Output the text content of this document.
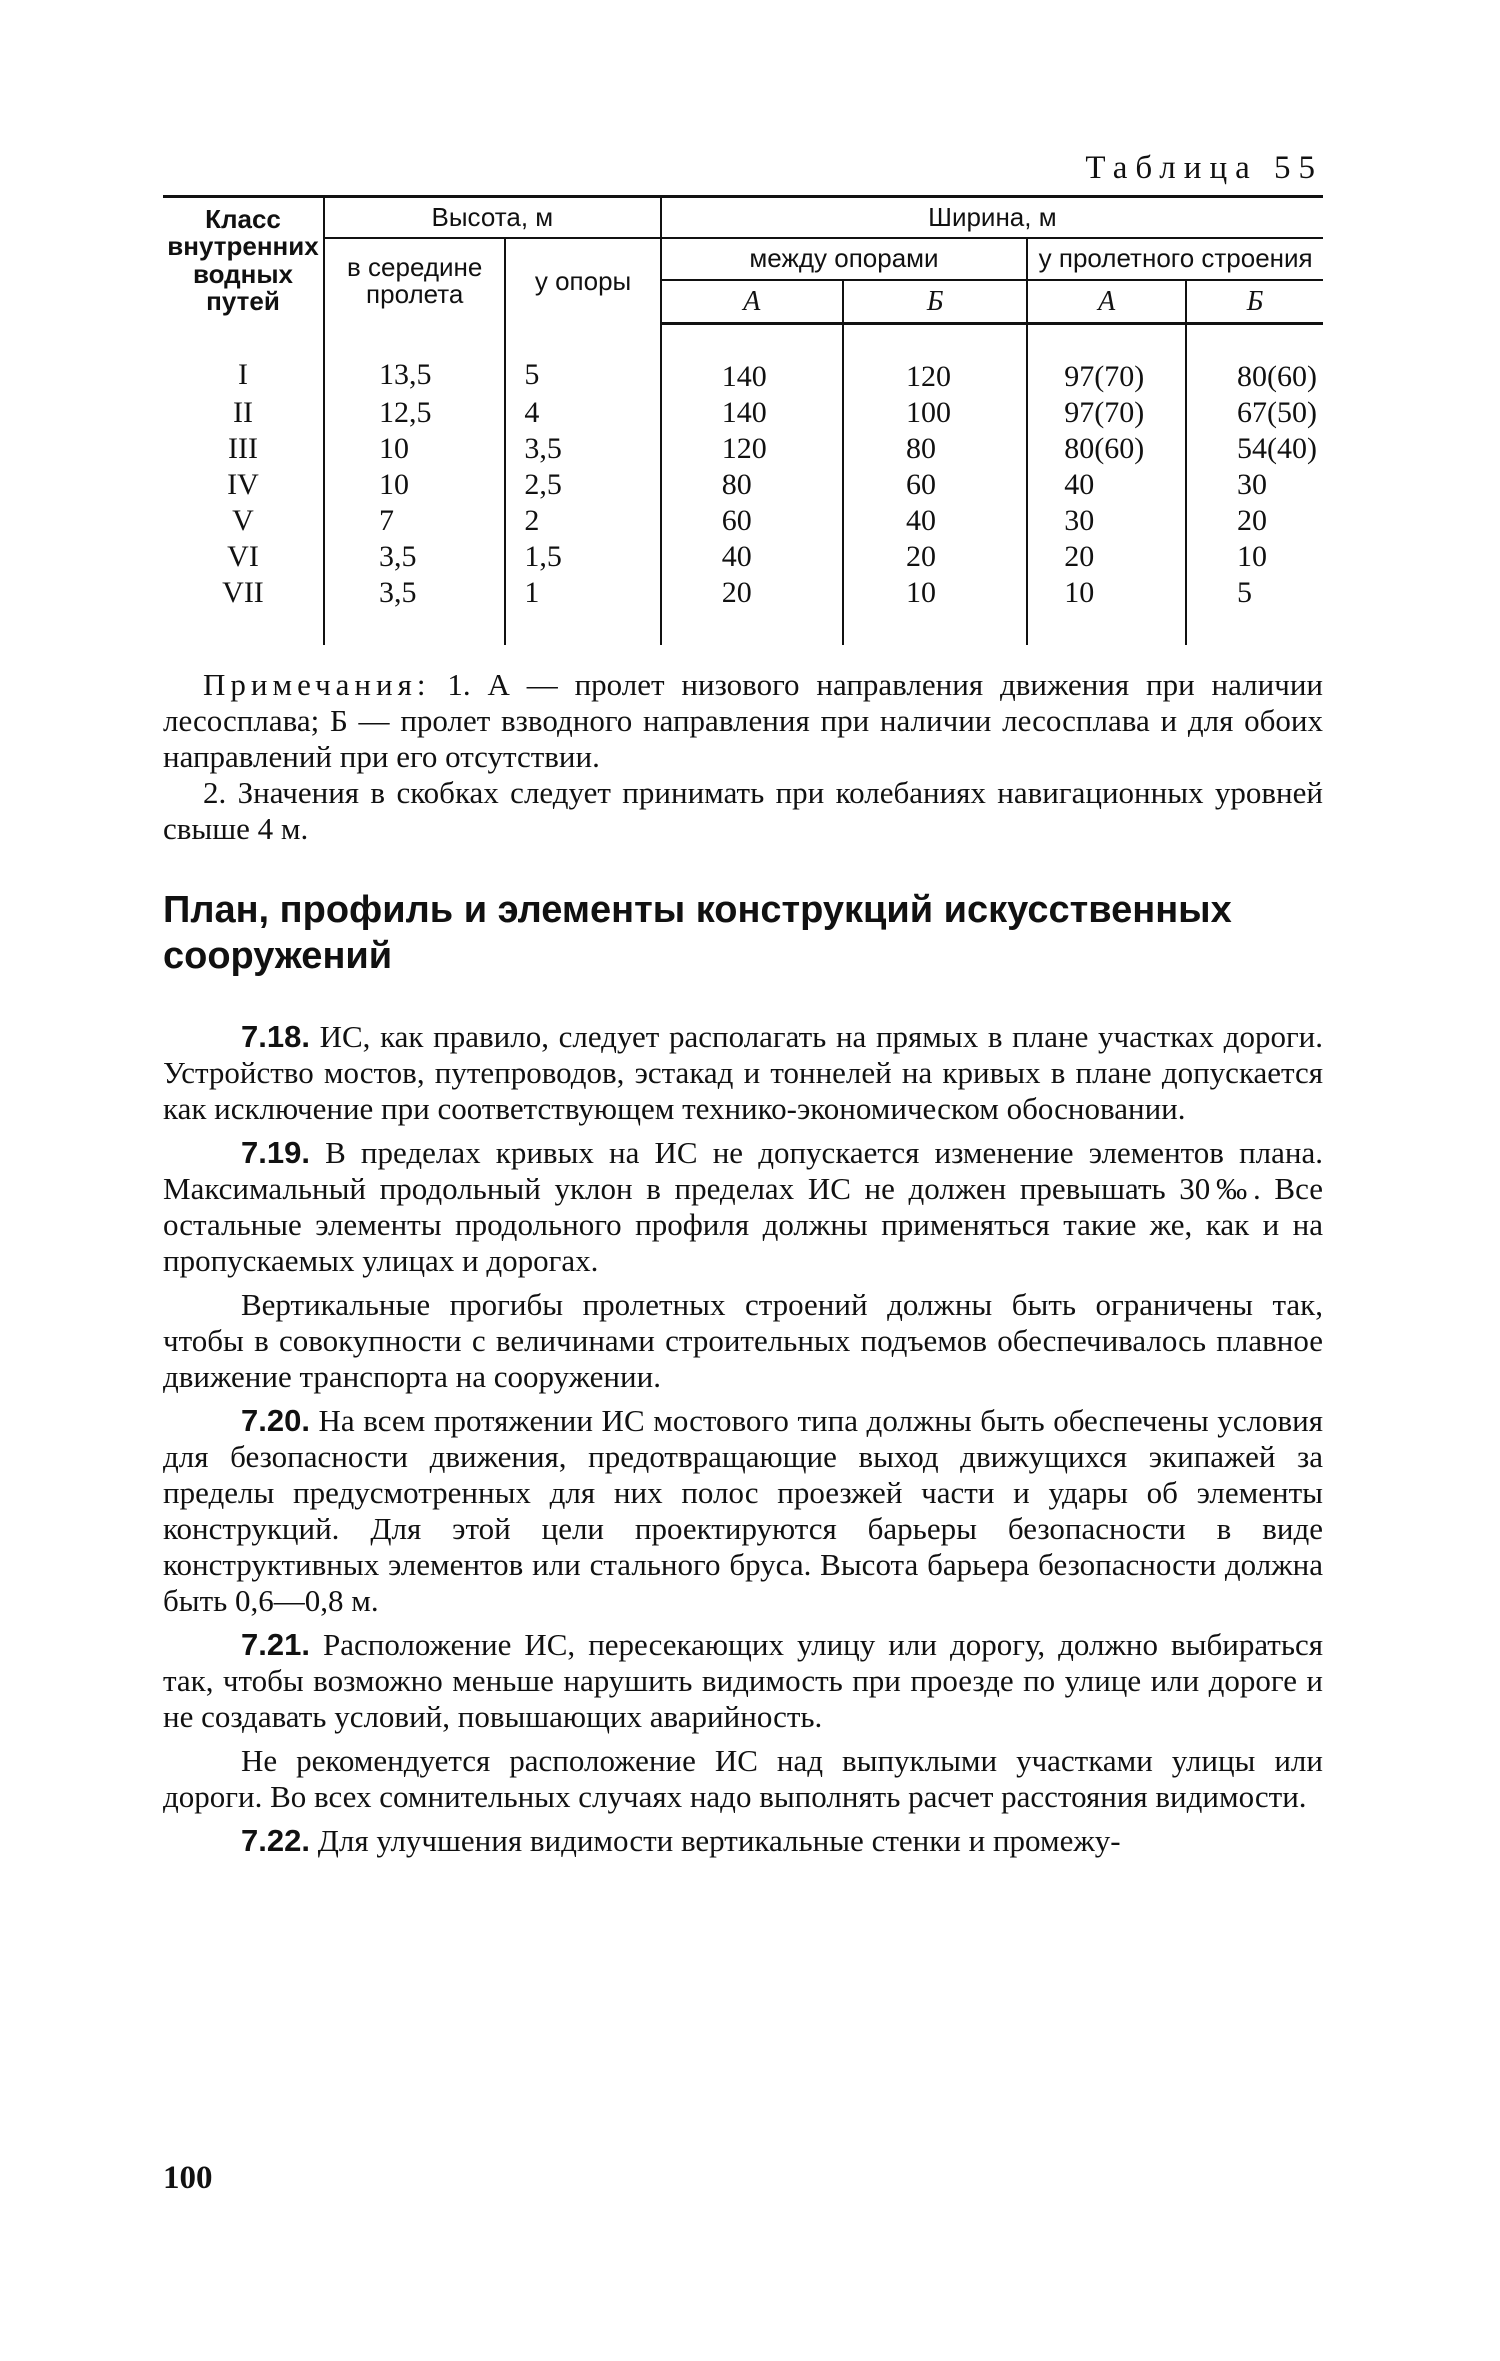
Таблица 55
Класс внутренних водных путей	Высота, м		Ширина, м			
	в середине пролета	у опоры	между опорами		у пролетного строения	
			А	Б	А	Б
I	13,5	5	140	120	97(70)	80(60)
II	12,5	4	140	100	97(70)	67(50)
III	10	3,5	120	80	80(60)	54(40)
IV	10	2,5	80	60	40	30
V	7	2	60	40	30	20
VI	3,5	1,5	40	20	20	10
VII	3,5	1	20	10	10	5

Примечания: 1. А — пролет низового направления движения при наличии лесосплава; Б — пролет взводного направления при наличии лесосплава и для обоих направлений при его отсутствии.

2. Значения в скобках следует принимать при колебаниях навигационных уровней свыше 4 м.

План, профиль и элементы конструкций искусственных сооружений

7.18. ИС, как правило, следует располагать на прямых в плане участках дороги. Устройство мостов, путепроводов, эстакад и тоннелей на кривых в плане допускается как исключение при соответствующем технико-экономическом обосновании.

7.19. В пределах кривых на ИС не допускается изменение элементов плана. Максимальный продольный уклон в пределах ИС не должен превышать 30‰. Все остальные элементы продольного профиля должны применяться такие же, как и на пропускаемых улицах и дорогах.

Вертикальные прогибы пролетных строений должны быть ограничены так, чтобы в совокупности с величинами строительных подъемов обеспечивалось плавное движение транспорта на сооружении.

7.20. На всем протяжении ИС мостового типа должны быть обеспечены условия для безопасности движения, предотвращающие выход движущихся экипажей за пределы предусмотренных для них полос проезжей части и удары об элементы конструкций. Для этой цели проектируются барьеры безопасности в виде конструктивных элементов или стального бруса. Высота барьера безопасности должна быть 0,6—0,8 м.

7.21. Расположение ИС, пересекающих улицу или дорогу, должно выбираться так, чтобы возможно меньше нарушить видимость при проезде по улице или дороге и не создавать условий, повышающих аварийность.

Не рекомендуется расположение ИС над выпуклыми участками улицы или дороги. Во всех сомнительных случаях надо выполнять расчет расстояния видимости.

7.22. Для улучшения видимости вертикальные стенки и промежу-

100
